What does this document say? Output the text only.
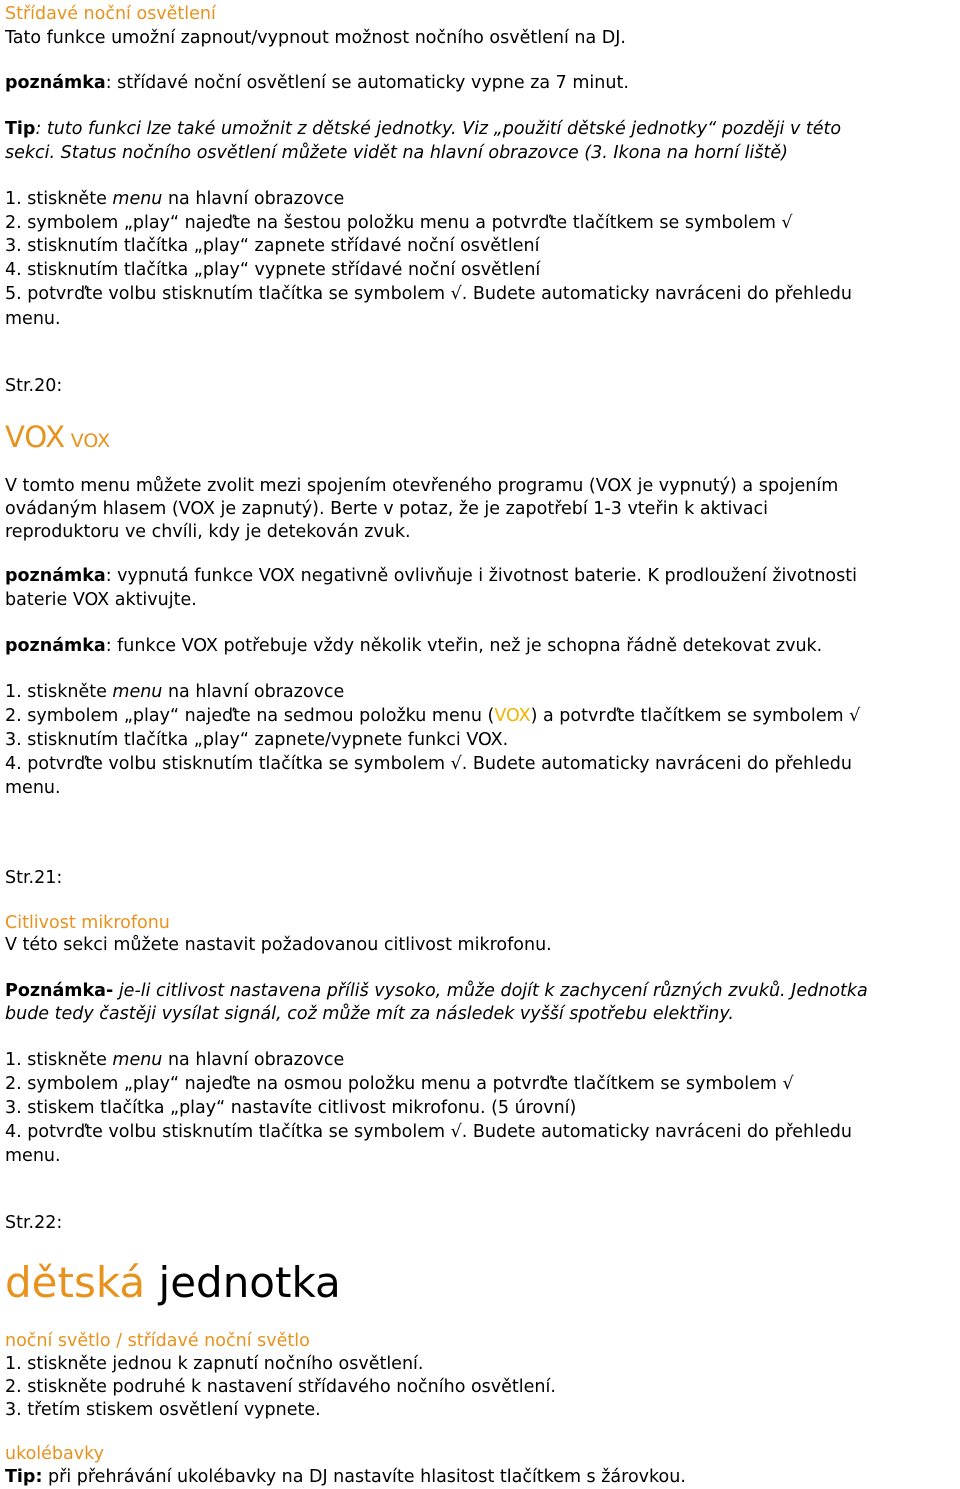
Střídavé noční osvětlení
Tato funkce umožní zapnout/vypnout možnost nočního osvětlení na DJ.
poznámka: střídavé noční osvětlení se automaticky vypne za 7 minut.
Tip: tuto funkci lze také umožnit z dětské jednotky. Viz „použití dětské jednotky“ později v této
sekci. Status nočního osvětlení můžete vidět na hlavní obrazovce (3. Ikona na horní liště)
1. stiskněte menu na hlavní obrazovce
2. symbolem „play“ najeďte na šestou položku menu a potvrďte tlačítkem se symbolem √
3. stisknutím tlačítka „play“ zapnete střídavé noční osvětlení
4. stisknutím tlačítka „play“ vypnete střídavé noční osvětlení
5. potvrďte volbu stisknutím tlačítka se symbolem √. Budete automaticky navráceni do přehledu
menu.
Str.20:
VOX VOX
V tomto menu můžete zvolit mezi spojením otevřeného programu (VOX je vypnutý) a spojením
ovádaným hlasem (VOX je zapnutý). Berte v potaz, že je zapotřebí 1-3 vteřin k aktivaci
reproduktoru ve chvíli, kdy je detekován zvuk.
poznámka: vypnutá funkce VOX negativně ovlivňuje i životnost baterie. K prodloužení životnosti
baterie VOX aktivujte.
poznámka: funkce VOX potřebuje vždy několik vteřin, než je schopna řádně detekovat zvuk.
1. stiskněte menu na hlavní obrazovce
2. symbolem „play“ najeďte na sedmou položku menu (VOX) a potvrďte tlačítkem se symbolem √
3. stisknutím tlačítka „play“ zapnete/vypnete funkci VOX.
4. potvrďte volbu stisknutím tlačítka se symbolem √. Budete automaticky navráceni do přehledu
menu.
Str.21:
Citlivost mikrofonu
V této sekci můžete nastavit požadovanou citlivost mikrofonu.
Poznámka- je-li citlivost nastavena příliš vysoko, může dojít k zachycení různých zvuků. Jednotka
bude tedy častěji vysílat signál, což může mít za následek vyšší spotřebu elektřiny.
1. stiskněte menu na hlavní obrazovce
2. symbolem „play“ najeďte na osmou položku menu a potvrďte tlačítkem se symbolem √
3. stiskem tlačítka „play“ nastavíte citlivost mikrofonu. (5 úrovní)
4. potvrďte volbu stisknutím tlačítka se symbolem √. Budete automaticky navráceni do přehledu
menu.
Str.22:
dětská jednotka
noční světlo / střídavé noční světlo
1. stiskněte jednou k zapnutí nočního osvětlení.
2. stiskněte podruhé k nastavení střídavého nočního osvětlení.
3. třetím stiskem osvětlení vypnete.
ukolébavky
Tip: při přehrávání ukolébavky na DJ nastavíte hlasitost tlačítkem s žárovkou.
